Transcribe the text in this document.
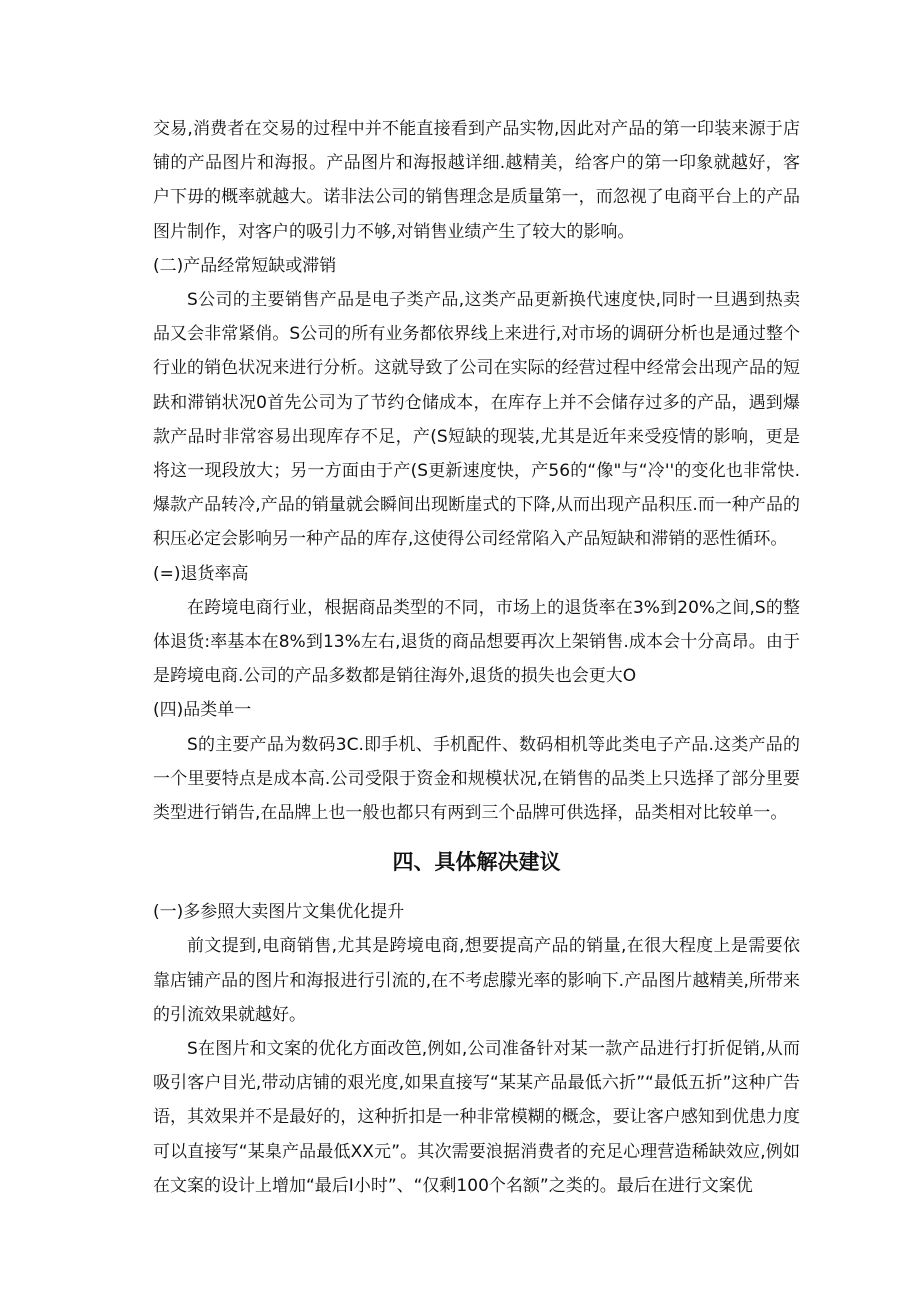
交易,消费者在交易的过程中并不能直接看到产品实物,因此对产品的第一印装来源于店铺的产品图片和海报。产品图片和海报越详细.越精美，给客户的第一印象就越好，客户下毋的概率就越大。诺非法公司的销售理念是质量第一，而忽视了电商平台上的产品图片制作，对客户的吸引力不够,对销售业绩产生了较大的影响。

(二)产品经常短缺或滞销

S公司的主要销售产品是电子类产品,这类产品更新换代速度快,同时一旦遇到热卖品又会非常紧俏。S公司的所有业务都依界线上来进行,对市场的调研分析也是通过整个行业的销色状况来进行分析。这就导致了公司在实际的经营过程中经常会出现产品的短趺和滞销状况0首先公司为了节约仓储成本，在库存上并不会储存过多的产品，遇到爆款产品时非常容易出现库存不足，产(S短缺的现装,尤其是近年来受疫情的影响，更是将这一现段放大；另一方面由于产(S更新速度快，产56的“像"与“冷''的变化也非常快.爆款产品转冷,产品的销量就会瞬间出现断崖式的下降,从而出现产品积压.而一种产品的积压必定会影响另一种产品的库存,这使得公司经常陷入产品短缺和滞销的恶性循环。

(=)退货率高

在跨境电商行业，根据商品类型的不同，市场上的退货率在3%到20%之间,S的整体退货:率基本在8%到13%左右,退货的商品想要再次上架销售.成本会十分高昂。由于是跨境电商.公司的产品多数都是销往海外,退货的损失也会更大O

(四)品类单一

S的主要产品为数码3C.即手机、手机配件、数码相机等此类电子产品.这类产品的一个里要特点是成本高.公司受限于资金和规模状况,在销售的品类上只选择了部分里要类型进行销告,在品牌上也一般也都只有两到三个品牌可供选择，品类相对比较单一。

四、具体解决建议

(一)多参照大卖图片文集优化提升

前文提到,电商销售,尤其是跨境电商,想要提高产品的销量,在很大程度上是需要依靠店铺产品的图片和海报进行引流的,在不考虑朦光率的影响下.产品图片越精美,所带来的引流效果就越好。

S在图片和文案的优化方面改笆,例如,公司准备针对某一款产品进行打折促销,从而吸引客户目光,带动店铺的艰光度,如果直接写“某某产品最低六折”“最低五折”这种广告语，其效果并不是最好的，这种折扣是一种非常模糊的概念，要让客户感知到优患力度可以直接写“某臬产品最低XX元”。其次需要浪据消费者的充足心理营造稀缺效应,例如在文案的设计上增加“最后I小时”、“仅剩100个名额”之类的。最后在进行文案优
